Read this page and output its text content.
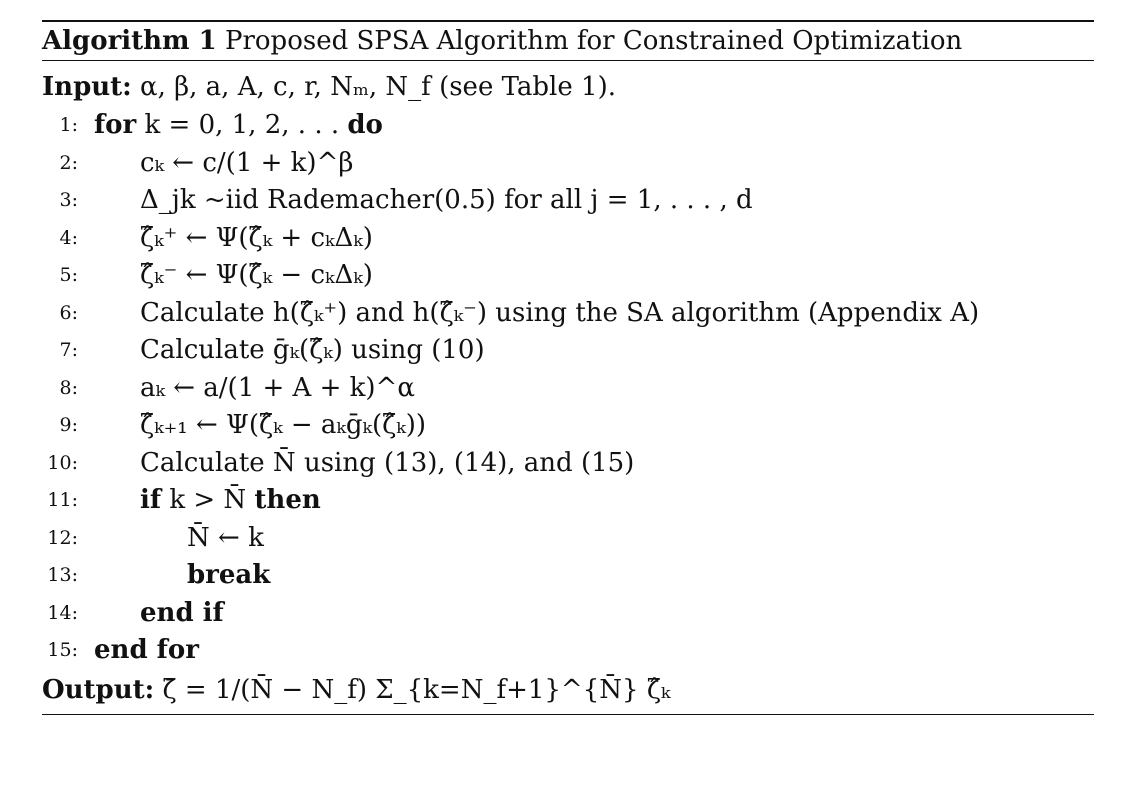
Algorithm 1 Proposed SPSA Algorithm for Constrained Optimization
Input: α, β, a, A, c, r, Nₘ, N_f (see Table 1).
1: for k = 0, 1, 2, . . . do
2: cₖ ← c/(1 + k)^β
3: Δ_jk ~iid Rademacher(0.5) for all j = 1, . . . , d
4: ζ̂ₖ⁺ ← Ψ(ζ̂ₖ + cₖΔₖ)
5: ζ̂ₖ⁻ ← Ψ(ζ̂ₖ − cₖΔₖ)
6: Calculate h(ζ̂ₖ⁺) and h(ζ̂ₖ⁻) using the SA algorithm (Appendix A)
7: Calculate ḡₖ(ζ̂ₖ) using (10)
8: aₖ ← a/(1 + A + k)^α
9: ζ̂ₖ₊₁ ← Ψ(ζ̂ₖ − aₖḡₖ(ζ̂ₖ))
10: Calculate N̄ using (13), (14), and (15)
11: if k > N̄ then
12:	N̄ ← k
13:	break
14: end if
15: end for
Output: ζ̄ = 1/(N̄ − N_f) Σ_{k=N_f+1}^{N̄} ζ̂ₖ
